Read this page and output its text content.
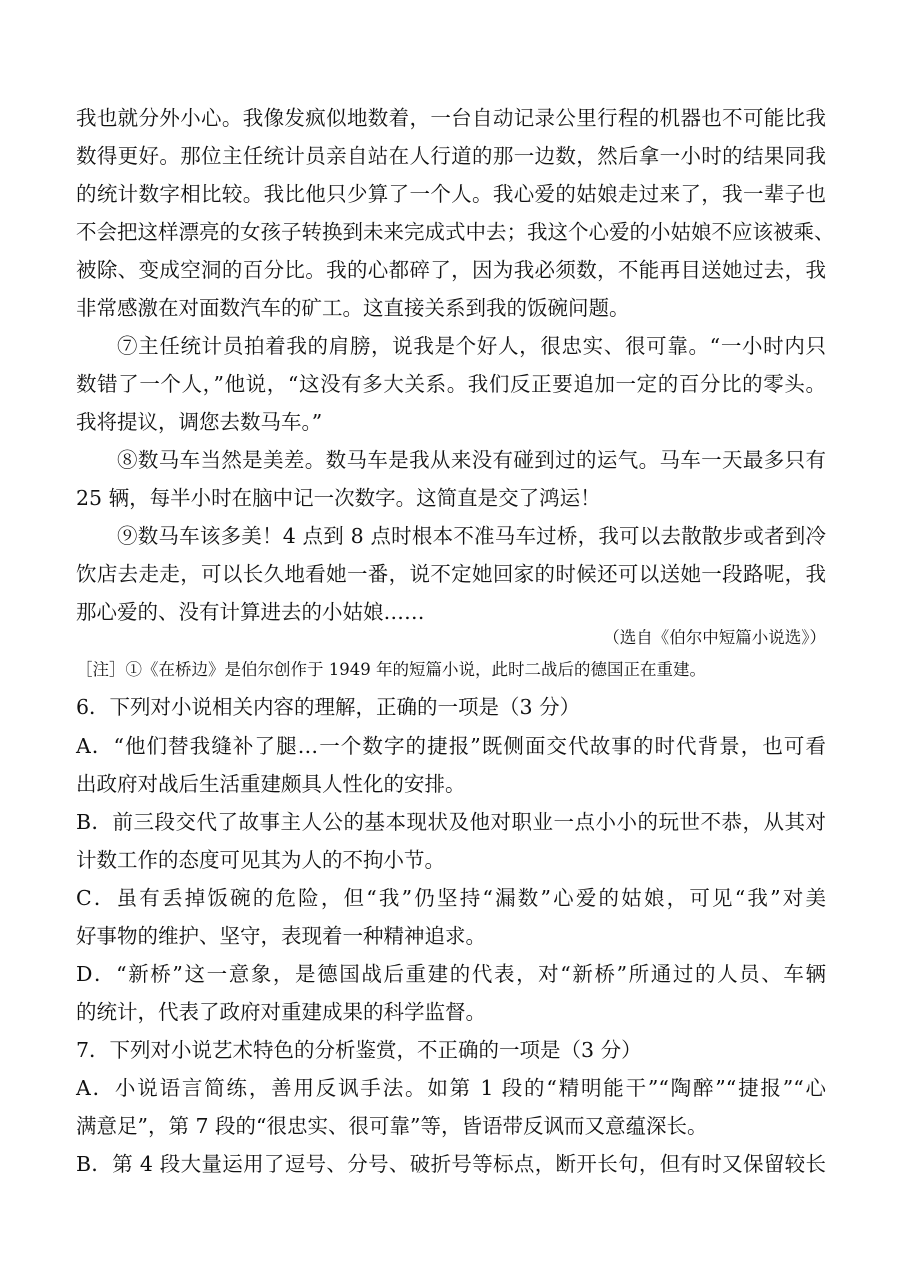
我也就分外小心。我像发疯似地数着，一台自动记录公里行程的机器也不可能比我
数得更好。那位主任统计员亲自站在人行道的那一边数，然后拿一小时的结果同我
的统计数字相比较。我比他只少算了一个人。我心爱的姑娘走过来了，我一辈子也
不会把这样漂亮的女孩子转换到未来完成式中去；我这个心爱的小姑娘不应该被乘、
被除、变成空洞的百分比。我的心都碎了，因为我必须数，不能再目送她过去，我
非常感激在对面数汽车的矿工。这直接关系到我的饭碗问题。
⑦主任统计员拍着我的肩膀，说我是个好人，很忠实、很可靠。“一小时内只
数错了一个人，”他说，“这没有多大关系。我们反正要追加一定的百分比的零头。
我将提议，调您去数马车。”
⑧数马车当然是美差。数马车是我从来没有碰到过的运气。马车一天最多只有
25 辆，每半小时在脑中记一次数字。这简直是交了鸿运！
⑨数马车该多美！4 点到 8 点时根本不准马车过桥，我可以去散散步或者到冷
饮店去走走，可以长久地看她一番，说不定她回家的时候还可以送她一段路呢，我
那心爱的、没有计算进去的小姑娘……
（选自《伯尔中短篇小说选》）
［注］①《在桥边》是伯尔创作于 1949 年的短篇小说，此时二战后的德国正在重建。
6．下列对小说相关内容的理解，正确的一项是（3 分）
A．“他们替我缝补了腿…一个数字的捷报”既侧面交代故事的时代背景，也可看
出政府对战后生活重建颇具人性化的安排。
B．前三段交代了故事主人公的基本现状及他对职业一点小小的玩世不恭，从其对
计数工作的态度可见其为人的不拘小节。
C．虽有丢掉饭碗的危险，但“我”仍坚持“漏数”心爱的姑娘，可见“我”对美
好事物的维护、坚守，表现着一种精神追求。
D．“新桥”这一意象，是德国战后重建的代表，对“新桥”所通过的人员、车辆
的统计，代表了政府对重建成果的科学监督。
7．下列对小说艺术特色的分析鉴赏，不正确的一项是（3 分）
A．小说语言简练，善用反讽手法。如第 1 段的“精明能干”“陶醉”“捷报”“心
满意足”，第 7 段的“很忠实、很可靠”等，皆语带反讽而又意蕴深长。
B．第 4 段大量运用了逗号、分号、破折号等标点，断开长句，但有时又保留较长
